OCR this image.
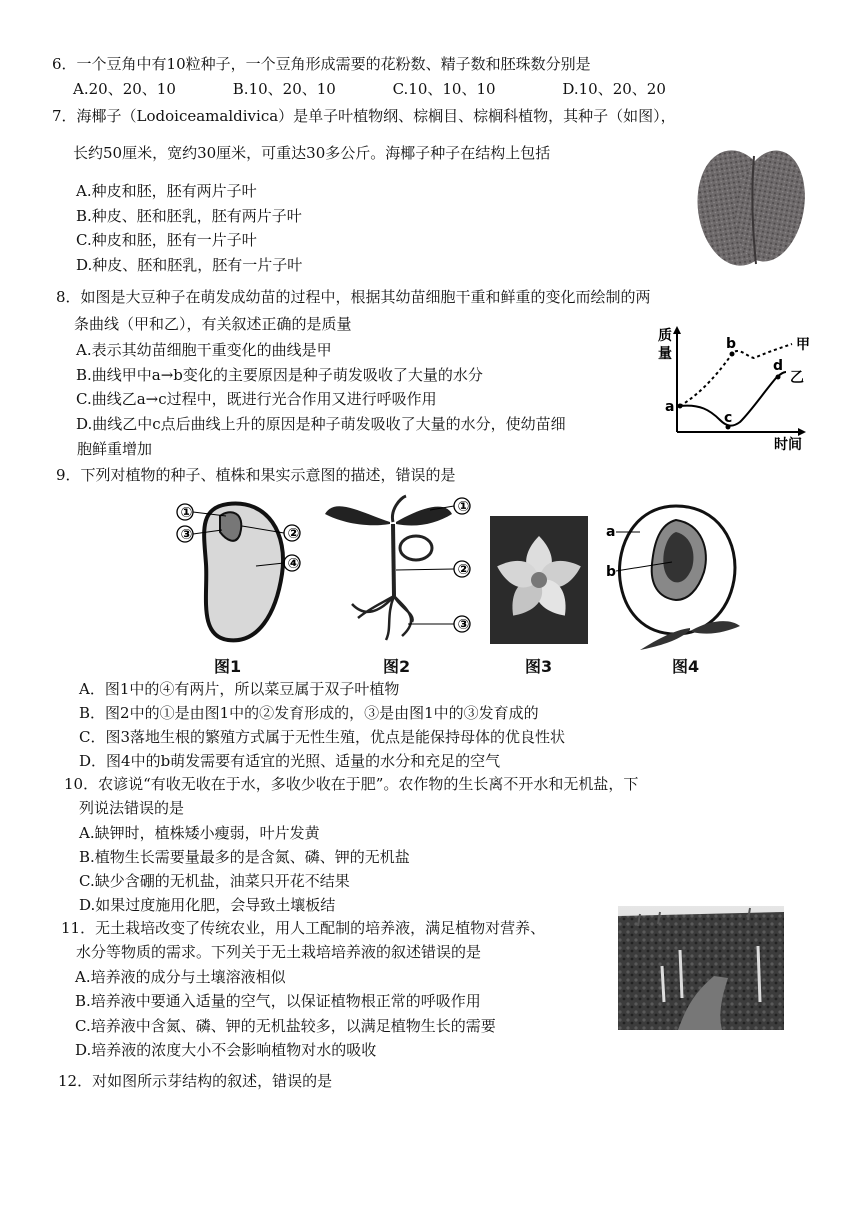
6．一个豆角中有10粒种子，一个豆角形成需要的花粉数、精子数和胚珠数分别是
A.20、20、10	B.10、20、10	C.10、10、10	D.10、20、20
7．海椰子（Lodoiceamaldivica）是单子叶植物纲、棕榈目、棕榈科植物，其种子（如图），
长约50厘米，宽约30厘米，可重达30多公斤。海椰子种子在结构上包括
A.种皮和胚，胚有两片子叶
B.种皮、胚和胚乳，胚有两片子叶
C.种皮和胚，胚有一片子叶
D.种皮、胚和胚乳，胚有一片子叶
8．如图是大豆种子在萌发成幼苗的过程中，根据其幼苗细胞干重和鲜重的变化而绘制的两
条曲线（甲和乙），有关叙述正确的是质量
A.表示其幼苗细胞干重变化的曲线是甲
B.曲线甲中a→b变化的主要原因是种子萌发吸收了大量的水分
C.曲线乙a→c过程中，既进行光合作用又进行呼吸作用
D.曲线乙中c点后曲线上升的原因是种子萌发吸收了大量的水分，使幼苗细
胞鲜重增加
质
量
时间
甲
乙
a
b
c
d
9．下列对植物的种子、植株和果实示意图的描述，错误的是
①
③	②
④
图1
①
②
③
图2	图3
a
b
图4
A．图1中的④有两片，所以菜豆属于双子叶植物
B．图2中的①是由图1中的②发育形成的，③是由图1中的③发育成的
C．图3落地生根的繁殖方式属于无性生殖，优点是能保持母体的优良性状
D．图4中的b萌发需要有适宜的光照、适量的水分和充足的空气
10．农谚说“有收无收在于水，多收少收在于肥”。农作物的生长离不开水和无机盐，下
列说法错误的是
A.缺钾时，植株矮小瘦弱，叶片发黄
B.植物生长需要量最多的是含氮、磷、钾的无机盐
C.缺少含硼的无机盐，油菜只开花不结果
D.如果过度施用化肥，会导致土壤板结
11．无土栽培改变了传统农业，用人工配制的培养液，满足植物对营养、
水分等物质的需求。下列关于无土栽培培养液的叙述错误的是
A.培养液的成分与土壤溶液相似
B.培养液中要通入适量的空气，以保证植物根正常的呼吸作用
C.培养液中含氮、磷、钾的无机盐较多，以满足植物生长的需要
D.培养液的浓度大小不会影响植物对水的吸收
12．对如图所示芽结构的叙述，错误的是
